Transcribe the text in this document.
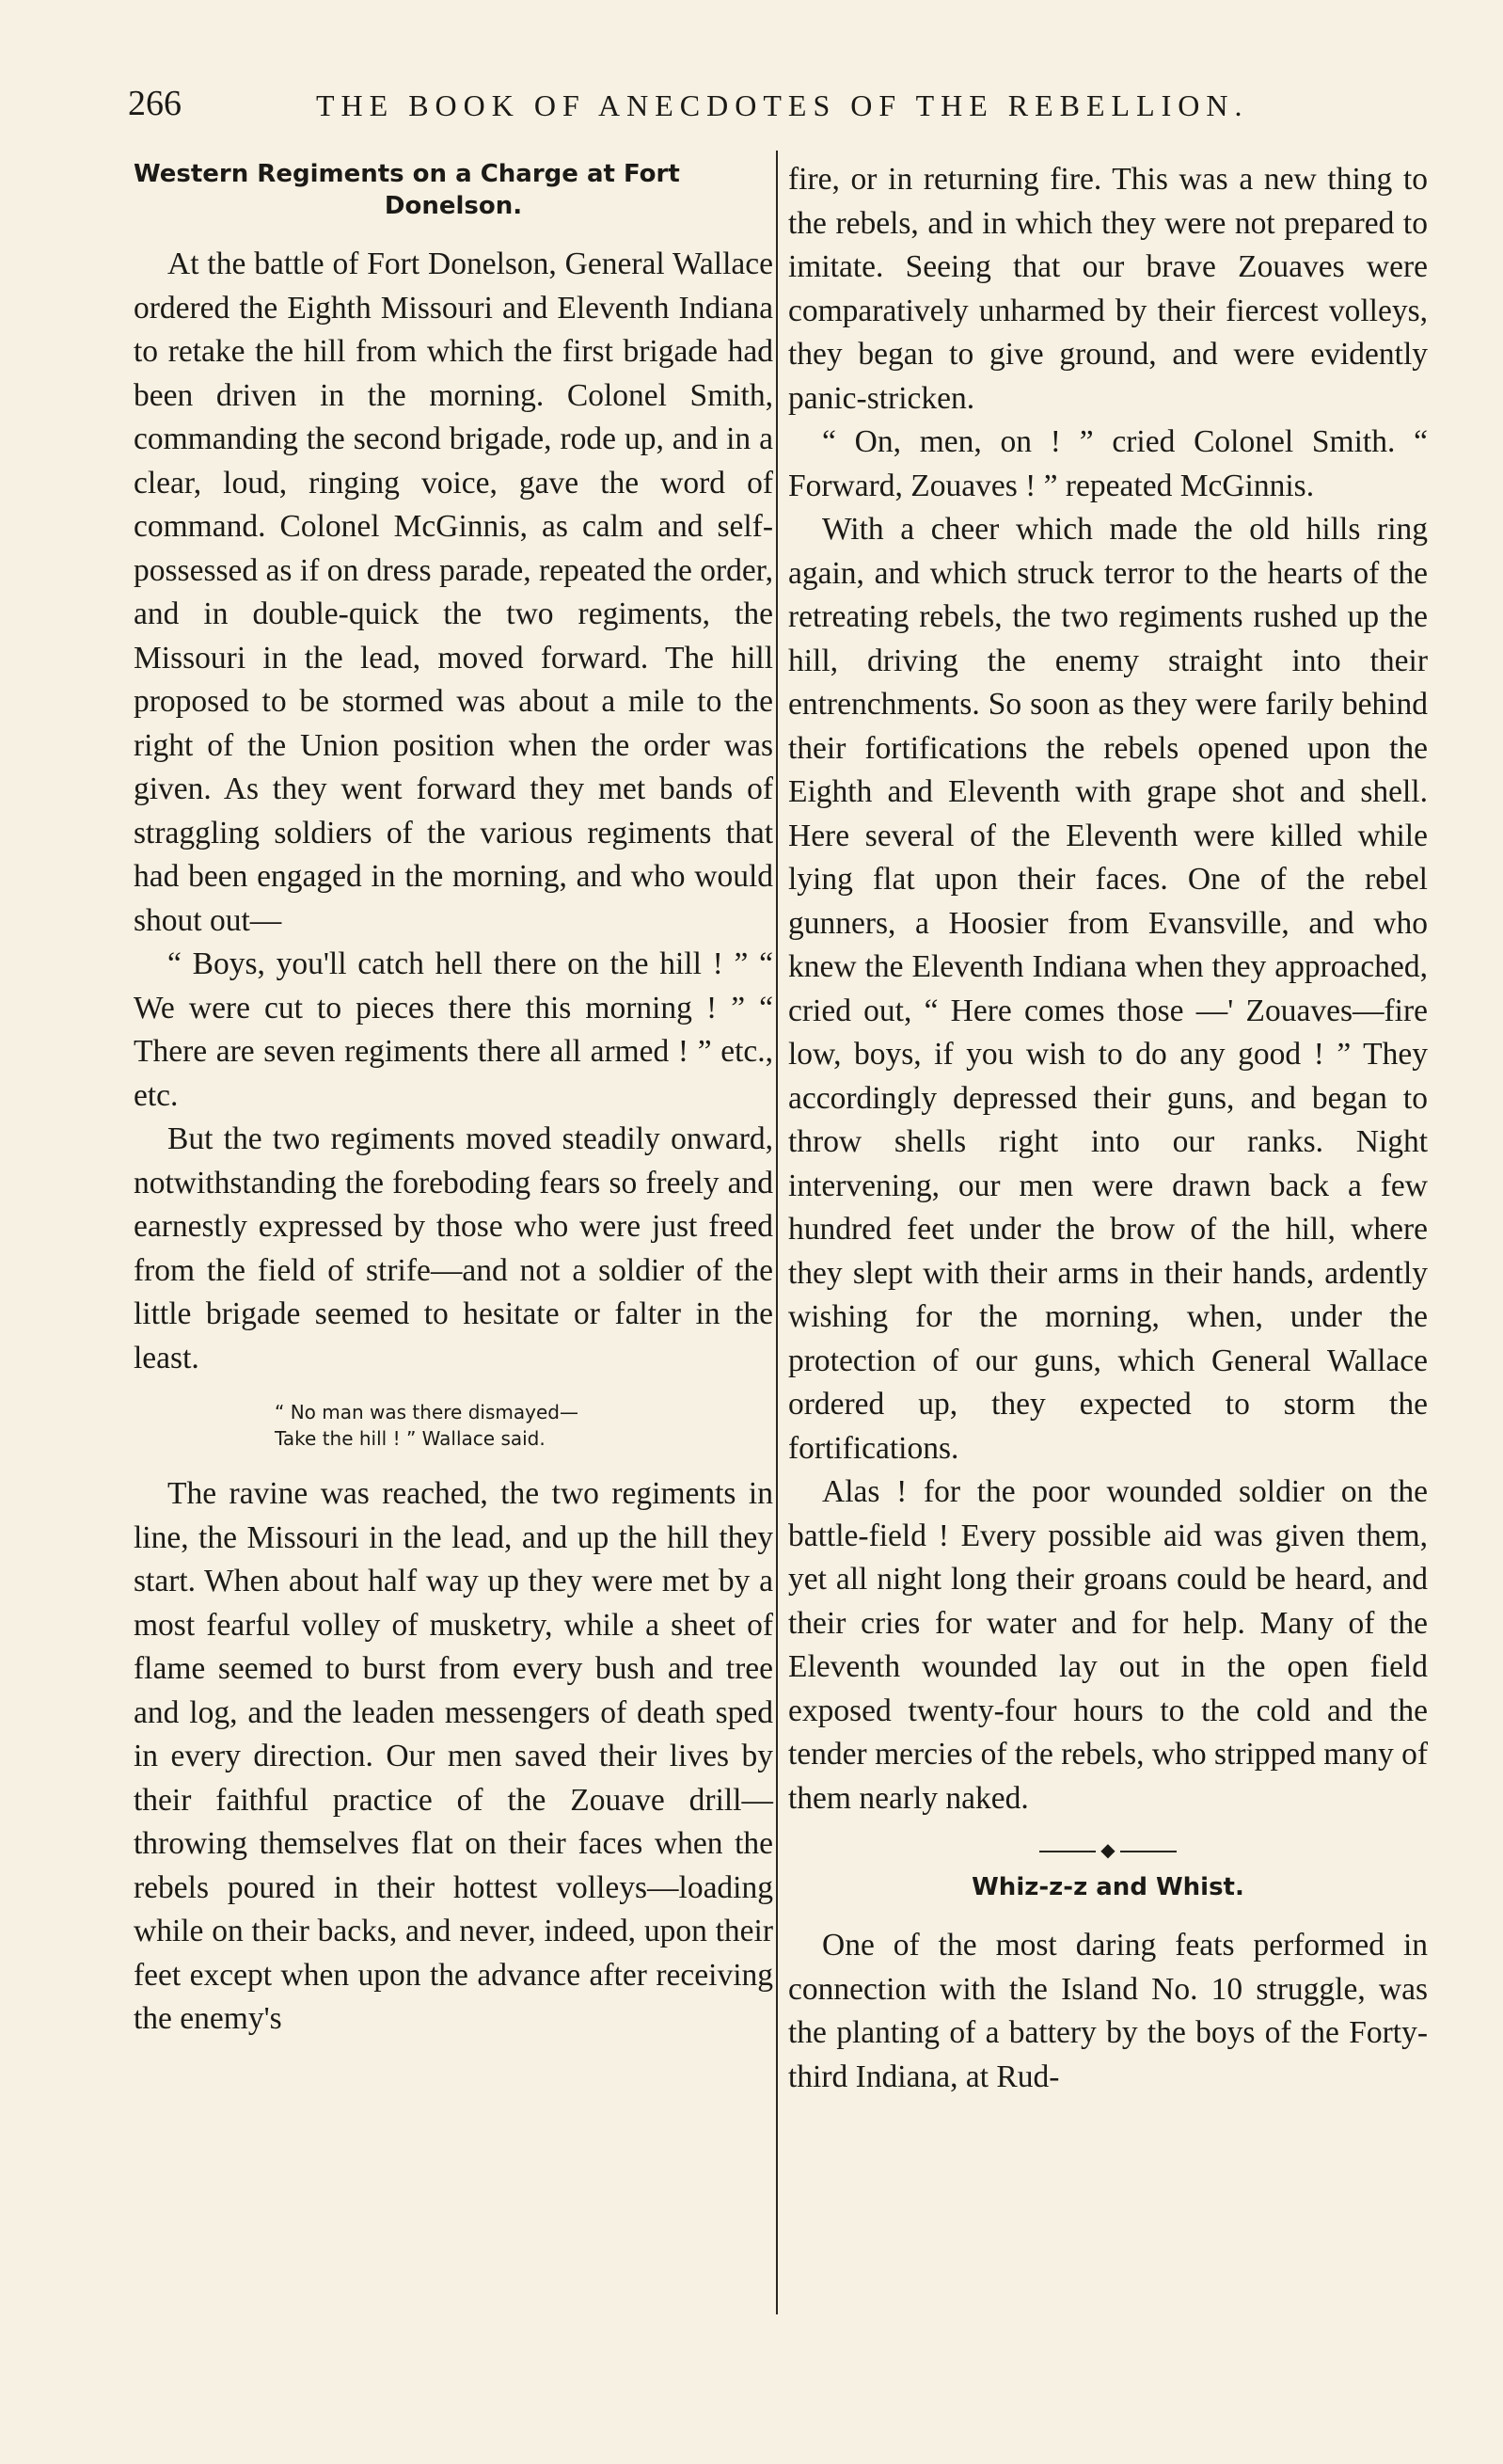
266	THE BOOK OF ANECDOTES OF THE REBELLION.
Western Regiments on a Charge at Fort
Donelson.

At the battle of Fort Donelson, General Wallace ordered the Eighth Missouri and Eleventh Indiana to retake the hill from which the first brigade had been driven in the morning. Colonel Smith, commanding the second brigade, rode up, and in a clear, loud, ringing voice, gave the word of command. Colonel McGinnis, as calm and self-possessed as if on dress parade, repeated the order, and in double-quick the two regiments, the Missouri in the lead, moved forward. The hill proposed to be stormed was about a mile to the right of the Union position when the order was given. As they went forward they met bands of straggling soldiers of the various regiments that had been engaged in the morning, and who would shout out—

“ Boys, you'll catch hell there on the hill ! ” “ We were cut to pieces there this morning ! ” “ There are seven regiments there all armed ! ” etc., etc.

But the two regiments moved steadily onward, notwithstanding the foreboding fears so freely and earnestly expressed by those who were just freed from the field of strife—and not a soldier of the little brigade seemed to hesitate or falter in the least.

“ No man was there dismayed—
Take the hill ! ” Wallace said.

The ravine was reached, the two regiments in line, the Missouri in the lead, and up the hill they start. When about half way up they were met by a most fearful volley of musketry, while a sheet of flame seemed to burst from every bush and tree and log, and the leaden messengers of death sped in every direction. Our men saved their lives by their faithful practice of the Zouave drill—throwing themselves flat on their faces when the rebels poured in their hottest volleys—loading while on their backs, and never, indeed, upon their feet except when upon the advance after receiving the enemy's

fire, or in returning fire. This was a new thing to the rebels, and in which they were not prepared to imitate. Seeing that our brave Zouaves were comparatively unharmed by their fiercest volleys, they began to give ground, and were evidently panic-stricken.

“ On, men, on ! ” cried Colonel Smith. “ Forward, Zouaves ! ” repeated McGinnis.

With a cheer which made the old hills ring again, and which struck terror to the hearts of the retreating rebels, the two regiments rushed up the hill, driving the enemy straight into their entrenchments. So soon as they were farily behind their fortifications the rebels opened upon the Eighth and Eleventh with grape shot and shell. Here several of the Eleventh were killed while lying flat upon their faces. One of the rebel gunners, a Hoosier from Evansville, and who knew the Eleventh Indiana when they approached, cried out, “ Here comes those —' Zouaves—fire low, boys, if you wish to do any good ! ” They accordingly depressed their guns, and began to throw shells right into our ranks. Night intervening, our men were drawn back a few hundred feet under the brow of the hill, where they slept with their arms in their hands, ardently wishing for the morning, when, under the protection of our guns, which General Wallace ordered up, they expected to storm the fortifications.

Alas ! for the poor wounded soldier on the battle-field ! Every possible aid was given them, yet all night long their groans could be heard, and their cries for water and for help. Many of the Eleventh wounded lay out in the open field exposed twenty-four hours to the cold and the tender mercies of the rebels, who stripped many of them nearly naked.

◆
Whiz-z-z and Whist.

One of the most daring feats performed in connection with the Island No. 10 struggle, was the planting of a battery by the boys of the Forty-third Indiana, at Rud-
